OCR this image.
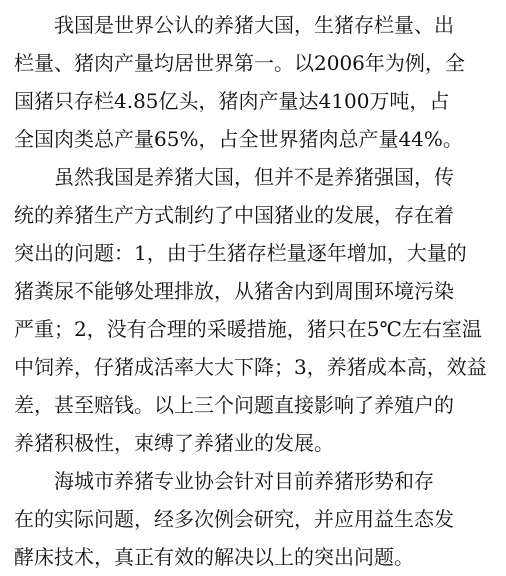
我国是世界公认的养猪大国，生猪存栏量、出
栏量、猪肉产量均居世界第一。以2006年为例，全
国猪只存栏4.85亿头，猪肉产量达4100万吨，占
全国肉类总产量65%，占全世界猪肉总产量44%。
虽然我国是养猪大国，但并不是养猪强国，传
统的养猪生产方式制约了中国猪业的发展，存在着
突出的问题：1，由于生猪存栏量逐年增加，大量的
猪粪尿不能够处理排放，从猪舍内到周围环境污染
严重；2，没有合理的采暖措施，猪只在5℃左右室温
中饲养，仔猪成活率大大下降；3，养猪成本高，效益
差，甚至赔钱。以上三个问题直接影响了养殖户的
养猪积极性，束缚了养猪业的发展。
海城市养猪专业协会针对目前养猪形势和存
在的实际问题，经多次例会研究，并应用益生态发
酵床技术，真正有效的解决以上的突出问题。
